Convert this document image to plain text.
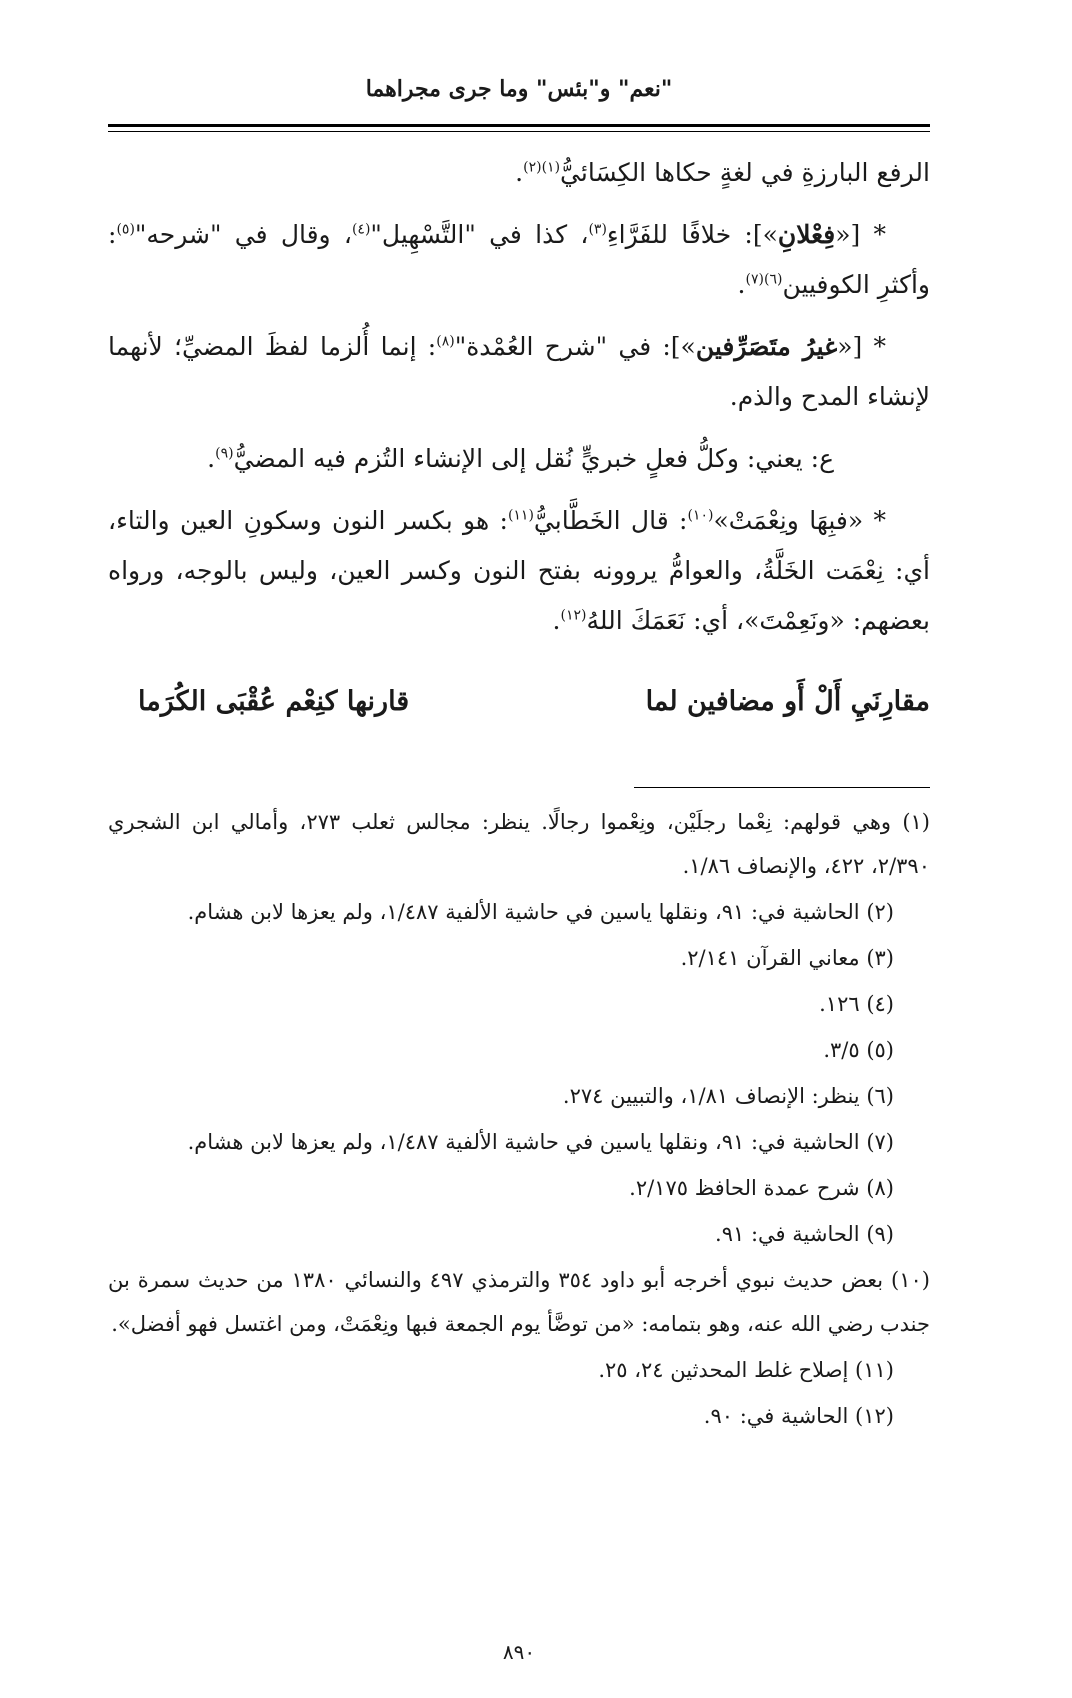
"نعم" و"بئس" وما جرى مجراهما

الرفع البارزةِ في لغةٍ حكاها الكِسَائيُّ$^{(١)(٢)}$.

* [«فِعْلانِ»]: خلافًا للفَرَّاءِ$^{(٣)}$، كذا في "التَّسْهِيل"$^{(٤)}$، وقال في "شرحه"$^{(٥)}$: وأكثرِ الكوفيين$^{(٦)(٧)}$.

* [«غيرُ متَصَرِّفين»]: في "شرح العُمْدة"$^{(٨)}$: إنما أُلزما لفظَ المضيِّ؛ لأنهما لإنشاء المدح والذم.

ع: يعني: وكلُّ فعلٍ خبريٍّ نُقل إلى الإنشاء التُزم فيه المضيُّ$^{(٩)}$.

* «فبِهَا ونِعْمَتْ»$^{(١٠)}$: قال الخَطَّابيُّ$^{(١١)}$: هو بكسر النون وسكونِ العين والتاء، أي: نِعْمَت الخَلَّةُ، والعوامُّ يروونه بفتح النون وكسر العين، وليس بالوجه، ورواه بعضهم: «ونَعِمْتَ»، أي: نَعَمَكَ اللهُ$^{(١٢)}$.

مقارِنَيِ أَلْ أَو مضافين لما
قارنها كنِعْم عُقْبَى الكُرَما
(١) وهي قولهم: نِعْما رجلَيْن، ونِعْموا رجالًا. ينظر: مجالس ثعلب ٢٧٣، وأمالي ابن الشجري ٢/٣٩٠، ٤٢٢، والإنصاف ١/٨٦.
(٢) الحاشية في: ٩١، ونقلها ياسين في حاشية الألفية ١/٤٨٧، ولم يعزها لابن هشام.
(٣) معاني القرآن ٢/١٤١.
(٤) ١٢٦.
(٥) ٣/٥.
(٦) ينظر: الإنصاف ١/٨١، والتبيين ٢٧٤.
(٧) الحاشية في: ٩١، ونقلها ياسين في حاشية الألفية ١/٤٨٧، ولم يعزها لابن هشام.
(٨) شرح عمدة الحافظ ٢/١٧٥.
(٩) الحاشية في: ٩١.
(١٠) بعض حديث نبوي أخرجه أبو داود ٣٥٤ والترمذي ٤٩٧ والنسائي ١٣٨٠ من حديث سمرة بن جندب رضي الله عنه، وهو بتمامه: «من توضَّأ يوم الجمعة فبها ونِعْمَتْ، ومن اغتسل فهو أفضل».
(١١) إصلاح غلط المحدثين ٢٤، ٢٥.
(١٢) الحاشية في: ٩٠.
٨٩٠
